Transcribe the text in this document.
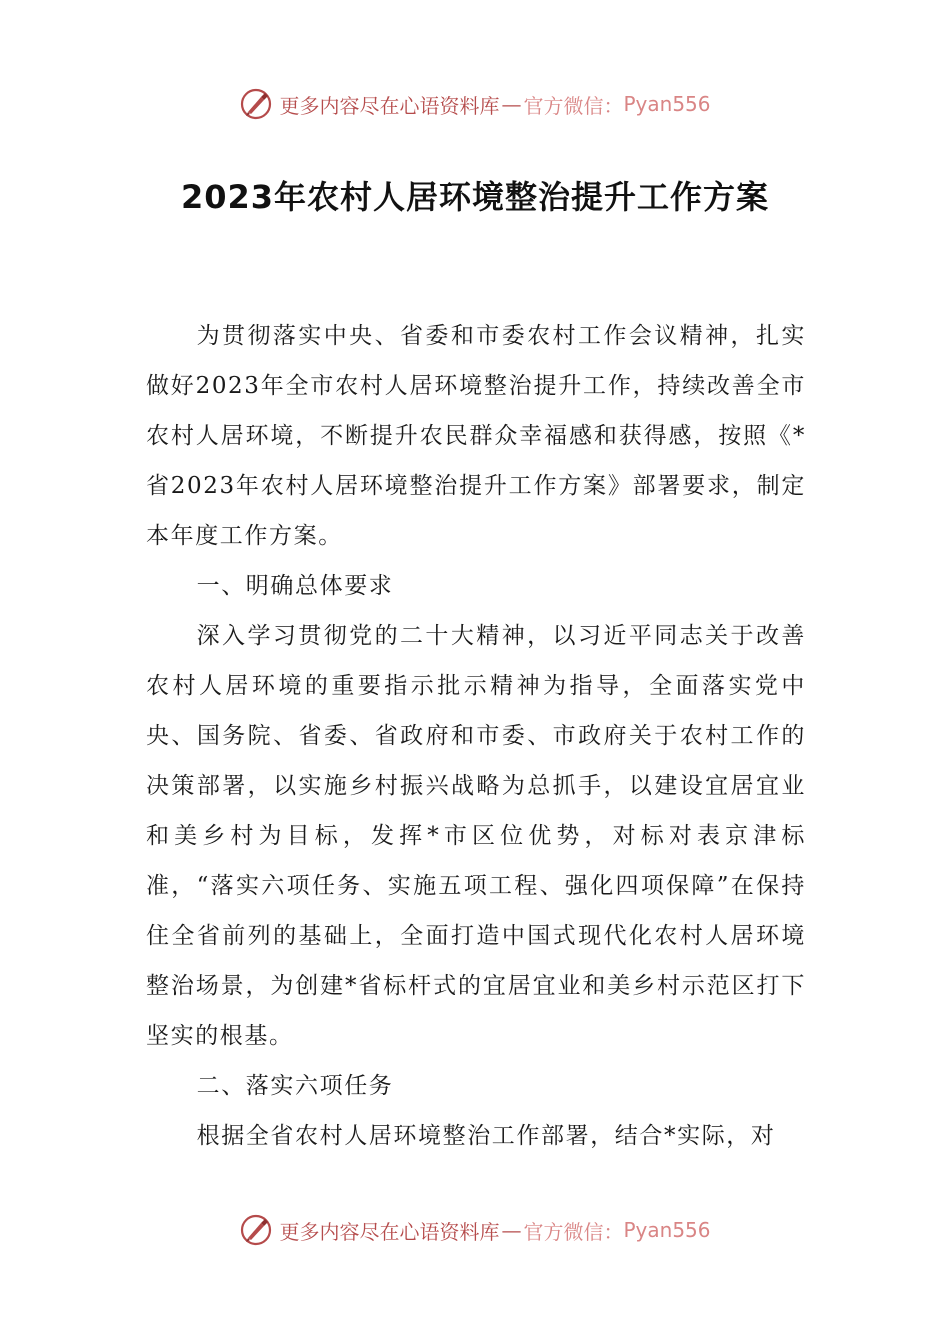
更多内容尽在心语资料库 — 官方微信： Pyan556
2023年农村人居环境整治提升工作方案

为贯彻落实中央、省委和市委农村工作会议精神，扎实做好2023年全市农村人居环境整治提升工作，持续改善全市农村人居环境，不断提升农民群众幸福感和获得感，按照《*省2023年农村人居环境整治提升工作方案》部署要求，制定本年度工作方案。

一、明确总体要求

深入学习贯彻党的二十大精神，以习近平同志关于改善农村人居环境的重要指示批示精神为指导，全面落实党中央、国务院、省委、省政府和市委、市政府关于农村工作的决策部署，以实施乡村振兴战略为总抓手，以建设宜居宜业和美乡村为目标，发挥*市区位优势，对标对表京津标准，“落实六项任务、实施五项工程、强化四项保障”在保持住全省前列的基础上，全面打造中国式现代化农村人居环境整治场景，为创建*省标杆式的宜居宜业和美乡村示范区打下坚实的根基。

二、落实六项任务

根据全省农村人居环境整治工作部署，结合*实际，对

更多内容尽在心语资料库 — 官方微信： Pyan556
